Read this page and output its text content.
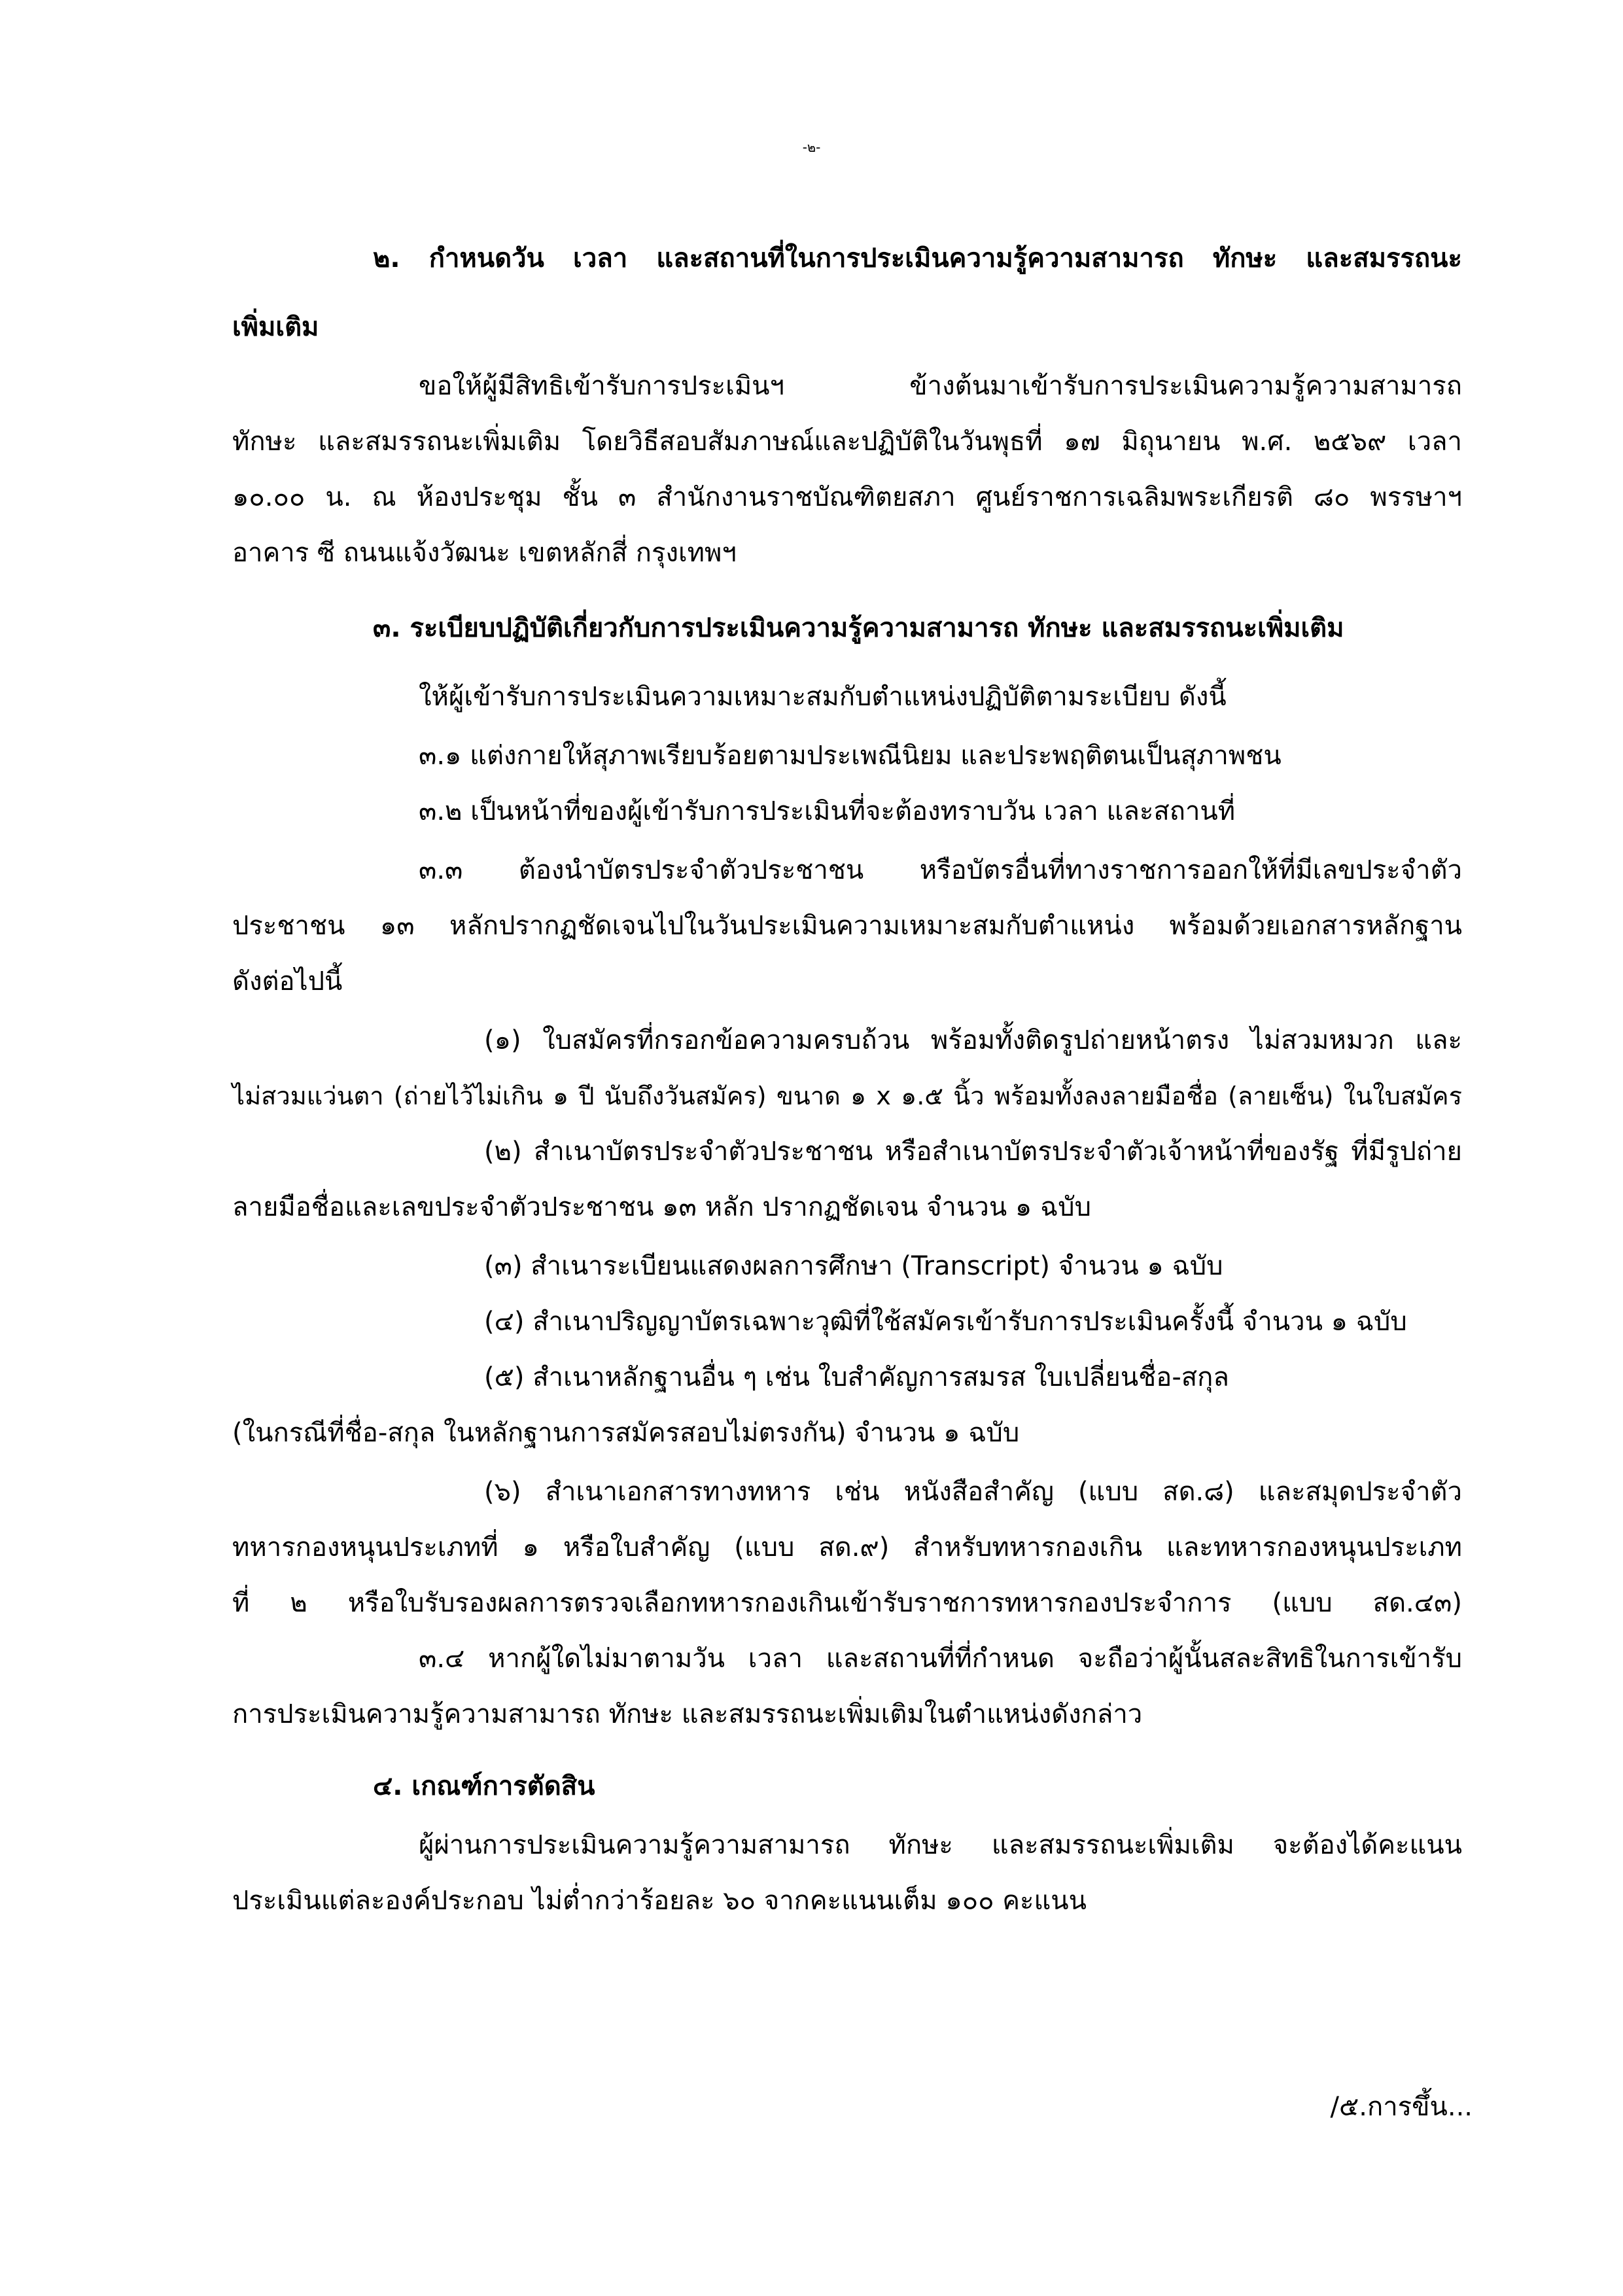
-๒-

๒. กำหนดวัน เวลา และสถานที่ในการประเมินความรู้ความสามารถ ทักษะ และสมรรถนะ

เพิ่มเติม

ขอให้ผู้มีสิทธิเข้ารับการประเมินฯ ข้างต้นมาเข้ารับการประเมินความรู้ความสามารถ

ทักษะ และสมรรถนะเพิ่มเติม โดยวิธีสอบสัมภาษณ์และปฏิบัติในวันพุธที่ ๑๗ มิถุนายน พ.ศ. ๒๕๖๙ เวลา

๑๐.๐๐ น. ณ ห้องประชุม ชั้น ๓ สำนักงานราชบัณฑิตยสภา ศูนย์ราชการเฉลิมพระเกียรติ ๘๐ พรรษาฯ

อาคาร ซี ถนนแจ้งวัฒนะ เขตหลักสี่ กรุงเทพฯ

๓. ระเบียบปฏิบัติเกี่ยวกับการประเมินความรู้ความสามารถ ทักษะ และสมรรถนะเพิ่มเติม

ให้ผู้เข้ารับการประเมินความเหมาะสมกับตำแหน่งปฏิบัติตามระเบียบ ดังนี้

๓.๑ แต่งกายให้สุภาพเรียบร้อยตามประเพณีนิยม และประพฤติตนเป็นสุภาพชน

๓.๒ เป็นหน้าที่ของผู้เข้ารับการประเมินที่จะต้องทราบวัน เวลา และสถานที่

๓.๓ ต้องนำบัตรประจำตัวประชาชน หรือบัตรอื่นที่ทางราชการออกให้ที่มีเลขประจำตัว

ประชาชน ๑๓ หลักปรากฏชัดเจนไปในวันประเมินความเหมาะสมกับตำแหน่ง พร้อมด้วยเอกสารหลักฐาน

ดังต่อไปนี้

(๑) ใบสมัครที่กรอกข้อความครบถ้วน พร้อมทั้งติดรูปถ่ายหน้าตรง ไม่สวมหมวก และ

ไม่สวมแว่นตา (ถ่ายไว้ไม่เกิน ๑ ปี นับถึงวันสมัคร) ขนาด ๑ x ๑.๕ นิ้ว พร้อมทั้งลงลายมือชื่อ (ลายเซ็น) ในใบสมัคร

(๒) สำเนาบัตรประจำตัวประชาชน หรือสำเนาบัตรประจำตัวเจ้าหน้าที่ของรัฐ ที่มีรูปถ่าย

ลายมือชื่อและเลขประจำตัวประชาชน ๑๓ หลัก ปรากฏชัดเจน จำนวน ๑ ฉบับ

(๓) สำเนาระเบียนแสดงผลการศึกษา (Transcript) จำนวน ๑ ฉบับ

(๔) สำเนาปริญญาบัตรเฉพาะวุฒิที่ใช้สมัครเข้ารับการประเมินครั้งนี้ จำนวน ๑ ฉบับ

(๕) สำเนาหลักฐานอื่น ๆ เช่น ใบสำคัญการสมรส ใบเปลี่ยนชื่อ-สกุล

(ในกรณีที่ชื่อ-สกุล ในหลักฐานการสมัครสอบไม่ตรงกัน) จำนวน ๑ ฉบับ

(๖) สำเนาเอกสารทางทหาร เช่น หนังสือสำคัญ (แบบ สด.๘) และสมุดประจำตัว

ทหารกองหนุนประเภทที่ ๑ หรือใบสำคัญ (แบบ สด.๙) สำหรับทหารกองเกิน และทหารกองหนุนประเภท

ที่ ๒ หรือใบรับรองผลการตรวจเลือกทหารกองเกินเข้ารับราชการทหารกองประจำการ (แบบ สด.๔๓)

๓.๔ หากผู้ใดไม่มาตามวัน เวลา และสถานที่ที่กำหนด จะถือว่าผู้นั้นสละสิทธิในการเข้ารับ

การประเมินความรู้ความสามารถ ทักษะ และสมรรถนะเพิ่มเติมในตำแหน่งดังกล่าว

๔. เกณฑ์การตัดสิน

ผู้ผ่านการประเมินความรู้ความสามารถ ทักษะ และสมรรถนะเพิ่มเติม จะต้องได้คะแนน

ประเมินแต่ละองค์ประกอบ ไม่ต่ำกว่าร้อยละ ๖๐ จากคะแนนเต็ม ๑๐๐ คะแนน

/๕.การขึ้น...
